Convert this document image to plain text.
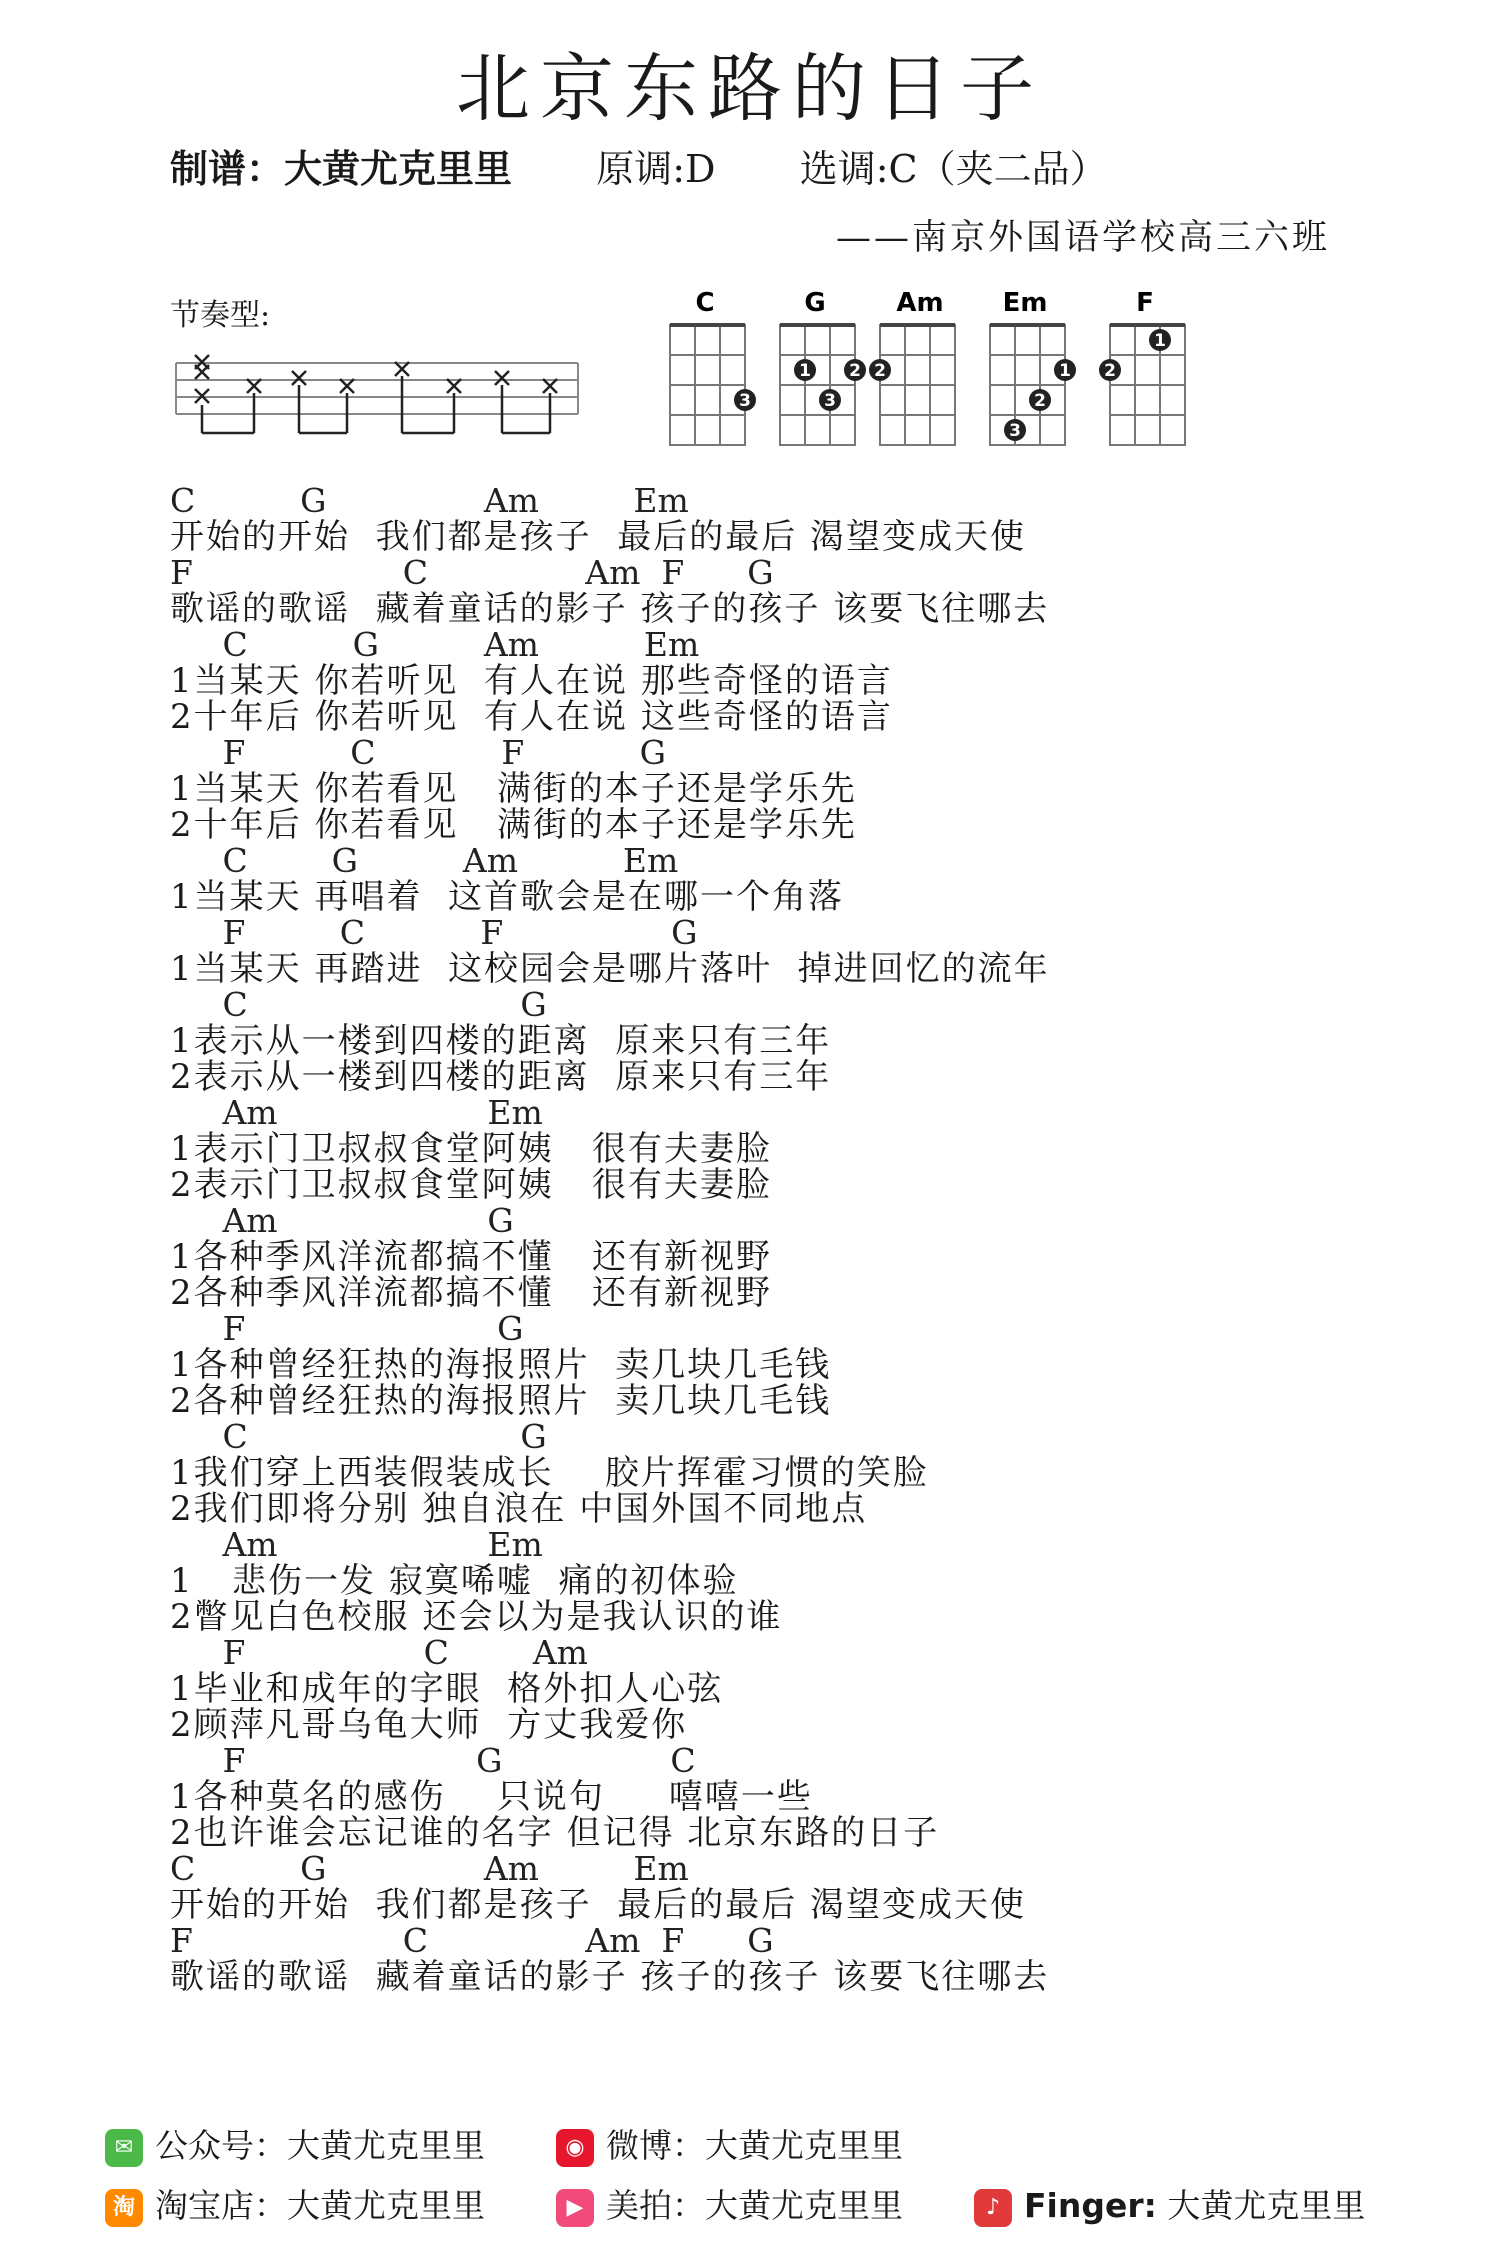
北京东路的日子
制谱：大黄尤克里里 原调:D 选调:C（夹二品）
——南京外国语学校高三六班
节奏型:	C
3
G
1 2
3
Am
2
Em
1
2
3
F
1
2
C          G               Am         Em
开始的开始  我们都是孩子  最后的最后 渴望变成天使
F                    C               Am  F      G
歌谣的歌谣  藏着童话的影子 孩子的孩子 该要飞往哪去
C          G          Am          Em
1当某天 你若听见  有人在说 那些奇怪的语言
2十年后 你若听见  有人在说 这些奇怪的语言
F          C            F           G
1当某天 你若看见   满街的本子还是学乐先
2十年后 你若看见   满街的本子还是学乐先
C        G          Am          Em
1当某天 再唱着  这首歌会是在哪一个角落
F         C           F                G
1当某天 再踏进  这校园会是哪片落叶  掉进回忆的流年
C                          G
1表示从一楼到四楼的距离  原来只有三年
2表示从一楼到四楼的距离  原来只有三年
Am                    Em
1表示门卫叔叔食堂阿姨   很有夫妻脸
2表示门卫叔叔食堂阿姨   很有夫妻脸
Am                    G
1各种季风洋流都搞不懂   还有新视野
2各种季风洋流都搞不懂   还有新视野
F                        G
1各种曾经狂热的海报照片  卖几块几毛钱
2各种曾经狂热的海报照片  卖几块几毛钱
C                          G
1我们穿上西装假装成长    胶片挥霍习惯的笑脸
2我们即将分别 独自浪在 中国外国不同地点
Am                    Em
1   悲伤一发 寂寞唏嘘  痛的初体验
2瞥见白色校服 还会以为是我认识的谁
F                 C        Am
1毕业和成年的字眼  格外扣人心弦
2顾萍凡哥乌龟大师  方丈我爱你
F                      G                C
1各种莫名的感伤    只说句     嘻嘻一些
2也许谁会忘记谁的名字 但记得 北京东路的日子
C          G               Am         Em
开始的开始  我们都是孩子  最后的最后 渴望变成天使
F                    C               Am  F      G
歌谣的歌谣  藏着童话的影子 孩子的孩子 该要飞往哪去
✉ 公众号：大黄尤克里里	◉ 微博：大黄尤克里里
淘 淘宝店：大黄尤克里里	▶ 美拍：大黄尤克里里	♪ Finger: 大黄尤克里里
